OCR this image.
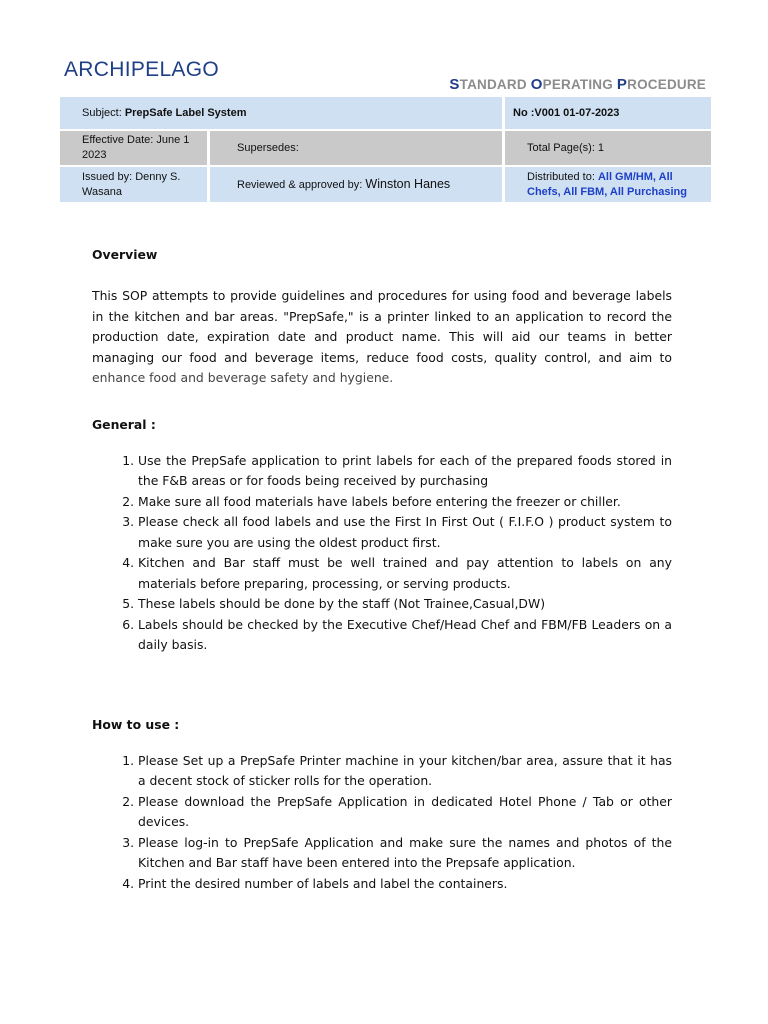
ARCHIPELAGO
STANDARD OPERATING PROCEDURE
Subject: PrepSafe Label System		No :V001 01-07-2023
Effective Date: June 1 2023	Supersedes:	Total Page(s): 1
Issued by: Denny S. Wasana	Reviewed & approved by: Winston Hanes	Distributed to: All GM/HM, All Chefs, All FBM, All Purchasing

Overview

This SOP attempts to provide guidelines and procedures for using food and beverage labels in the kitchen and bar areas. "PrepSafe," is a printer linked to an application to record the production date, expiration date and product name. This will aid our teams in better managing our food and beverage items, reduce food costs, quality control, and aim to enhance food and beverage safety and hygiene.

General :

1. Use the PrepSafe application to print labels for each of the prepared foods stored in the F&B areas or for foods being received by purchasing
2. Make sure all food materials have labels before entering the freezer or chiller.
3. Please check all food labels and use the First In First Out ( F.I.F.O ) product system to make sure you are using the oldest product first.
4. Kitchen and Bar staff must be well trained and pay attention to labels on any materials before preparing, processing, or serving products.
5. These labels should be done by the staff (Not Trainee,Casual,DW)
6. Labels should be checked by the Executive Chef/Head Chef and FBM/FB Leaders on a daily basis.

How to use :

1. Please Set up a PrepSafe Printer machine in your kitchen/bar area, assure that it has a decent stock of sticker rolls for the operation.
2. Please download the PrepSafe Application in dedicated Hotel Phone / Tab or other devices.
3. Please log-in to PrepSafe Application and make sure the names and photos of the Kitchen and Bar staff have been entered into the Prepsafe application.
4. Print the desired number of labels and label the containers.
